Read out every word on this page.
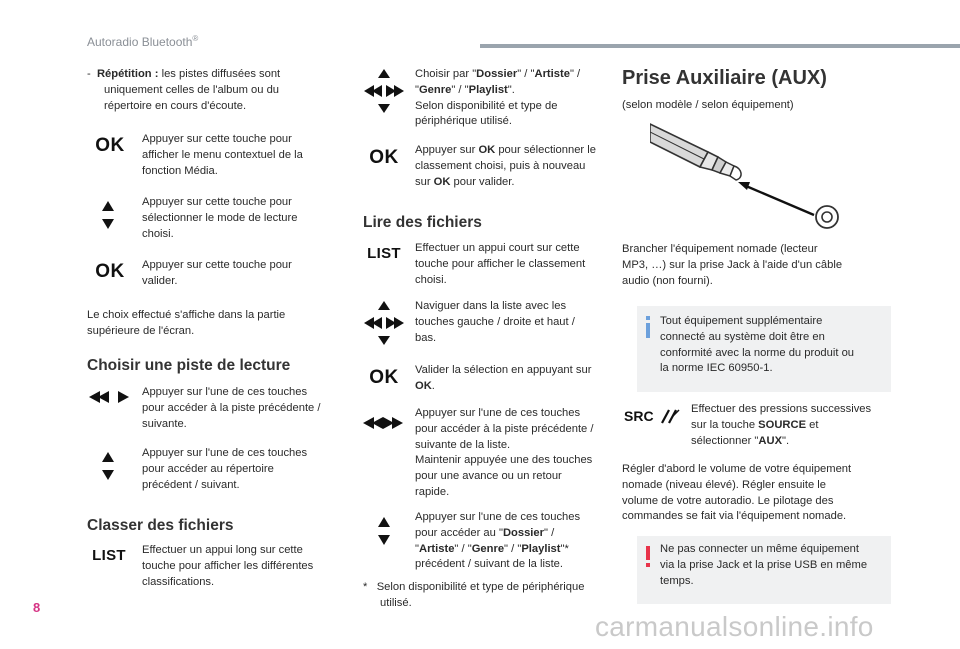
Autoradio Bluetooth®
- Répétition : les pistes diffusées sont
uniquement celles de l'album ou du
répertoire en cours d'écoute.
OK	Appuyer sur cette touche pour
afficher le menu contextuel de la
fonction Média.
Appuyer sur cette touche pour
sélectionner le mode de lecture
choisi.
OK	Appuyer sur cette touche pour
valider.
Le choix effectué s'affiche dans la partie
supérieure de l'écran.
Choisir une piste de lecture
Appuyer sur l'une de ces touches
pour accéder à la piste précédente /
suivante.
Appuyer sur l'une de ces touches
pour accéder au répertoire
précédent / suivant.
Classer des fichiers
LIST	Effectuer un appui long sur cette
touche pour afficher les différentes
classifications.
Choisir par "Dossier" / "Artiste" /
"Genre" / "Playlist".
Selon disponibilité et type de
périphérique utilisé.
OK	Appuyer sur OK pour sélectionner le
classement choisi, puis à nouveau
sur OK pour valider.
Lire des fichiers
LIST	Effectuer un appui court sur cette
touche pour afficher le classement
choisi.
Naviguer dans la liste avec les
touches gauche / droite et haut /
bas.
OK	Valider la sélection en appuyant sur
OK.
Appuyer sur l'une de ces touches
pour accéder à la piste précédente /
suivante de la liste.
Maintenir appuyée une des touches
pour une avance ou un retour
rapide.
Appuyer sur l'une de ces touches
pour accéder au "Dossier" /
"Artiste" / "Genre" / "Playlist"*
précédent / suivant de la liste.
* Selon disponibilité et type de périphérique
utilisé.
Prise Auxiliaire (AUX)
(selon modèle / selon équipement)
Brancher l'équipement nomade (lecteur
MP3, …) sur la prise Jack à l'aide d'un câble
audio (non fourni).
Tout équipement supplémentaire
connecté au système doit être en
conformité avec la norme du produit ou
la norme IEC 60950-1.
SRC	Effectuer des pressions successives
sur la touche SOURCE et
sélectionner "AUX".
Régler d'abord le volume de votre équipement
nomade (niveau élevé). Régler ensuite le
volume de votre autoradio. Le pilotage des
commandes se fait via l'équipement nomade.
Ne pas connecter un même équipement
via la prise Jack et la prise USB en même
temps.
8
carmanualsonline.info
